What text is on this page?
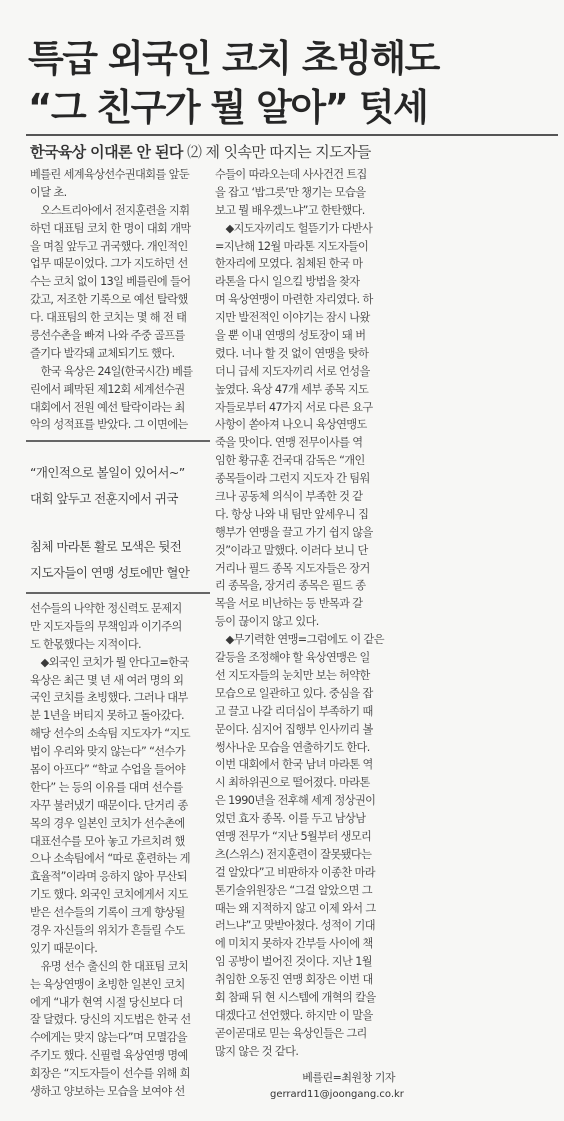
특급 외국인 코치 초빙해도
“그 친구가 뭘 알아” 텃세
한국육상 이대론 안 된다 ⑵ 제 잇속만 따지는 지도자들
베를린 세계육상선수권대회를 앞둔
이달 초.
　오스트리아에서 전지훈련을 지휘
하던 대표팀 코치 한 명이 대회 개막
을 며칠 앞두고 귀국했다. 개인적인
업무 때문이었다. 그가 지도하던 선
수는 코치 없이 13일 베를린에 들어
갔고, 저조한 기록으로 예선 탈락했
다. 대표팀의 한 코치는 몇 해 전 태
릉선수촌을 빠져 나와 주중 골프를
즐기다 발각돼 교체되기도 했다.
　한국 육상은 24일(한국시간) 베를
린에서 폐막된 제12회 세계선수권
대회에서 전원 예선 탈락이라는 최
악의 성적표를 받았다. 그 이면에는
“개인적으로 볼일이 있어서~”
대회 앞두고 전훈지에서 귀국
침체 마라톤 활로 모색은 뒷전
지도자들이 연맹 성토에만 혈안
선수들의 나약한 정신력도 문제지
만 지도자들의 무책임과 이기주의
도 한몫했다는 지적이다.
　◆외국인 코치가 뭘 안다고=한국
육상은 최근 몇 년 새 여러 명의 외
국인 코치를 초빙했다. 그러나 대부
분 1년을 버티지 못하고 돌아갔다.
해당 선수의 소속팀 지도자가 “지도
법이 우리와 맞지 않는다” “선수가
몸이 아프다” “학교 수업을 들어야
한다” 는 등의 이유를 대며 선수를
자꾸 불러냈기 때문이다. 단거리 종
목의 경우 일본인 코치가 선수촌에
대표선수를 모아 놓고 가르치려 했
으나 소속팀에서 “따로 훈련하는 게
효율적”이라며 응하지 않아 무산되
기도 했다. 외국인 코치에게서 지도
받은 선수들의 기록이 크게 향상될
경우 자신들의 위치가 흔들릴 수도
있기 때문이다.
　유명 선수 출신의 한 대표팀 코치
는 육상연맹이 초빙한 일본인 코치
에게 “내가 현역 시절 당신보다 더
잘 달렸다. 당신의 지도법은 한국 선
수에게는 맞지 않는다”며 모멸감을
주기도 했다. 신필렬 육상연맹 명예
회장은 “지도자들이 선수를 위해 희
생하고 양보하는 모습을 보여야 선
수들이 따라오는데 사사건건 트집
을 잡고 ‘밥그릇’만 챙기는 모습을
보고 뭘 배우겠느냐”고 한탄했다.
　◆지도자끼리도 헐뜯기가 다반사
=지난해 12월 마라톤 지도자들이
한자리에 모였다. 침체된 한국 마
라톤을 다시 일으킬 방법을 찾자
며 육상연맹이 마련한 자리였다. 하
지만 발전적인 이야기는 잠시 나왔
을 뿐 이내 연맹의 성토장이 돼 버
렸다. 너나 할 것 없이 연맹을 탓하
더니 급세 지도자끼리 서로 언성을
높였다. 육상 47개 세부 종목 지도
자들로부터 47가지 서로 다른 요구
사항이 쏟아져 나오니 육상연맹도
죽을 맛이다. 연맹 전무이사를 역
임한 황규훈 건국대 감독은 “개인
종목들이라 그런지 지도자 간 팀워
크나 공동체 의식이 부족한 것 같
다. 항상 나와 내 팀만 앞세우니 집
행부가 연맹을 끌고 가기 쉽지 않을
것”이라고 말했다. 이러다 보니 단
거리나 필드 종목 지도자들은 장거
리 종목을, 장거리 종목은 필드 종
목을 서로 비난하는 등 반목과 갈
등이 끊이지 않고 있다.
　◆무기력한 연맹=그럼에도 이 같은
갈등을 조정해야 할 육상연맹은 일
선 지도자들의 눈치만 보는 허약한
모습으로 일관하고 있다. 중심을 잡
고 끌고 나갈 리더십이 부족하기 때
문이다. 심지어 집행부 인사끼리 볼
썽사나운 모습을 연출하기도 한다.
이번 대회에서 한국 남녀 마라톤 역
시 최하위권으로 떨어졌다. 마라톤
은 1990년을 전후해 세계 정상권이
었던 효자 종목. 이를 두고 남상남
연맹 전무가 “지난 5월부터 생모리
츠(스위스) 전지훈련이 잘못됐다는
걸 알았다”고 비판하자 이종찬 마라
톤기술위원장은 “그걸 알았으면 그
때는 왜 지적하지 않고 이제 와서 그
러느냐”고 맞받아쳤다. 성적이 기대
에 미치지 못하자 간부들 사이에 책
임 공방이 벌어진 것이다. 지난 1월
취임한 오동진 연맹 회장은 이번 대
회 참패 뒤 현 시스템에 개혁의 칼을
대겠다고 선언했다. 하지만 이 말을
곧이곧대로 믿는 육상인들은 그리
많지 않은 것 같다.
베를린=최원창 기자
gerrard11@joongang.co.kr
